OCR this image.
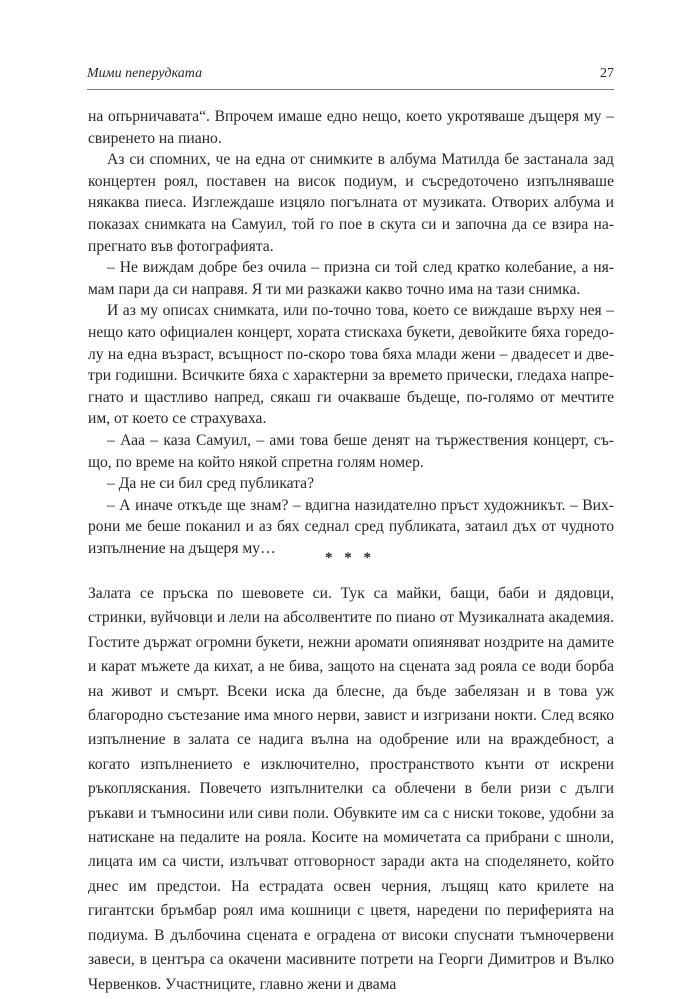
Мими пеперудката	27

на опърничавата“. Впрочем имаше едно нещо, което укротяваше дъщеря му – свиренето на пиано.

Аз си спомних, че на една от снимките в албума Матилда бе застанала зад концертен роял, поставен на висок подиум, и съсредоточено изпълняваше някаква пиеса. Изглеждаше изцяло погълната от музиката. Отворих албума и показах снимката на Самуил, той го пое в скута си и започна да се взира напрегнато във фотографията.

– Не виждам добре без очила – призна си той след кратко колебание, а нямам пари да си направя. Я ти ми разкажи какво точно има на тази снимка.

И аз му описах снимката, или по-точно това, което се виждаше върху нея – нещо като официален концерт, хората стискаха букети, девойките бяха горедолу на една възраст, всъщност по-скоро това бяха млади жени – двадесет и две-три годишни. Всичките бяха с характерни за времето прически, гледаха напрегнато и щастливо напред, сякаш ги очакваше бъдеще, по-голямо от мечтите им, от което се страхуваха.

– Ааа – каза Самуил, – ами това беше денят на тържествения концерт, също, по време на който някой спретна голям номер.

– Да не си бил сред публиката?

– А иначе откъде ще знам? – вдигна назидателно пръст художникът. – Вихрони ме беше поканил и аз бях седнал сред публиката, затаил дъх от чудното изпълнение на дъщеря му…

* * *

Залата се пръска по шевовете си. Тук са майки, бащи, баби и дядовци, стринки, вуйчовци и лели на абсолвентите по пиано от Музикалната академия. Гостите държат огромни букети, нежни аромати опияняват ноздрите на дамите и карат мъжете да кихат, а не бива, защото на сцената зад рояла се води борба на живот и смърт. Всеки иска да блесне, да бъде забелязан и в това уж благородно състезание има много нерви, завист и изгризани нокти. След всяко изпълнение в залата се надига вълна на одобрение или на враждебност, а когато изпълнението е изключително, пространството кънти от искрени ръкопляскания. Повечето изпълнителки са облечени в бели ризи с дълги ръкави и тъмносини или сиви поли. Обувките им са с ниски токове, удобни за натискане на педалите на рояла. Косите на момичетата са прибрани с шноли, лицата им са чисти, излъчват отговорност заради акта на споделянето, който днес им предстои. На естрадата освен черния, лъщящ като крилете на гигантски бръмбар роял има кошници с цветя, наредени по периферията на подиума. В дълбочина сцената е оградена от високи спуснати тъмночервени завеси, в центъра са окачени масивните потрети на Георги Димитров и Вълко Червенков. Участниците, главно жени и двама
